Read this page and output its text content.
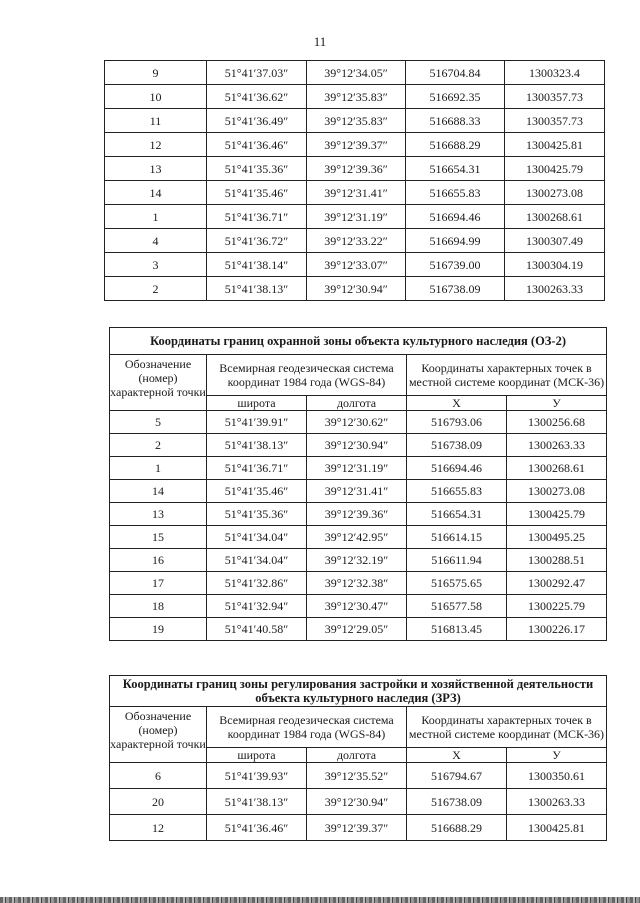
11
9	51°41′37.03″	39°12′34.05″	516704.84	1300323.4
10	51°41′36.62″	39°12′35.83″	516692.35	1300357.73
11	51°41′36.49″	39°12′35.83″	516688.33	1300357.73
12	51°41′36.46″	39°12′39.37″	516688.29	1300425.81
13	51°41′35.36″	39°12′39.36″	516654.31	1300425.79
14	51°41′35.46″	39°12′31.41″	516655.83	1300273.08
1	51°41′36.71″	39°12′31.19″	516694.46	1300268.61
4	51°41′36.72″	39°12′33.22″	516694.99	1300307.49
3	51°41′38.14″	39°12′33.07″	516739.00	1300304.19
2	51°41′38.13″	39°12′30.94″	516738.09	1300263.33
Координаты границ охранной зоны объекта культурного наследия (ОЗ-2)				
Обозначение (номер) характерной точки	Всемирная геодезическая система координат 1984 года (WGS-84)		Координаты характерных точек в местной системе координат (МСК-36)	
	широта	долгота	Х	У
5	51°41′39.91″	39°12′30.62″	516793.06	1300256.68
2	51°41′38.13″	39°12′30.94″	516738.09	1300263.33
1	51°41′36.71″	39°12′31.19″	516694.46	1300268.61
14	51°41′35.46″	39°12′31.41″	516655.83	1300273.08
13	51°41′35.36″	39°12′39.36″	516654.31	1300425.79
15	51°41′34.04″	39°12′42.95″	516614.15	1300495.25
16	51°41′34.04″	39°12′32.19″	516611.94	1300288.51
17	51°41′32.86″	39°12′32.38″	516575.65	1300292.47
18	51°41′32.94″	39°12′30.47″	516577.58	1300225.79
19	51°41′40.58″	39°12′29.05″	516813.45	1300226.17
Координаты границ зоны регулирования застройки и хозяйственной деятельности объекта культурного наследия (ЗРЗ)				
Обозначение (номер) характерной точки	Всемирная геодезическая система координат 1984 года (WGS-84)		Координаты характерных точек в местной системе координат (МСК-36)	
	широта	долгота	Х	У
6	51°41′39.93″	39°12′35.52″	516794.67	1300350.61
20	51°41′38.13″	39°12′30.94″	516738.09	1300263.33
12	51°41′36.46″	39°12′39.37″	516688.29	1300425.81
